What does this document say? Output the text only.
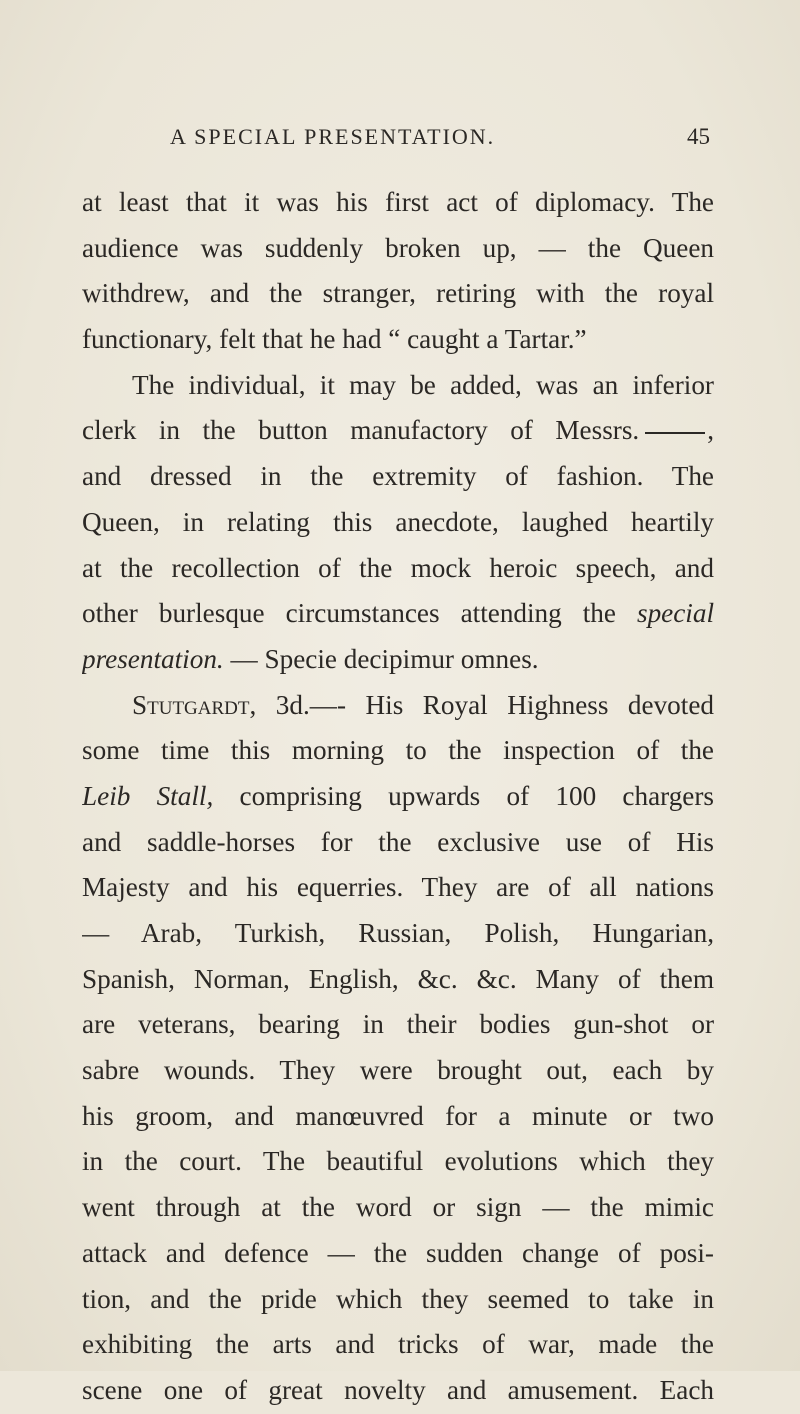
A SPECIAL PRESENTATION.	45
at least that it was his first act of diplomacy. The
audience was suddenly broken up, — the Queen
withdrew, and the stranger, retiring with the royal
functionary, felt that he had “ caught a Tartar.”
The individual, it may be added, was an inferior
clerk in the button manufactory of Messrs.	,
and dressed in the extremity of fashion. The
Queen, in relating this anecdote, laughed heartily
at the recollection of the mock heroic speech, and
other burlesque circumstances attending the special
presentation. — Specie decipimur omnes.
Stutgardt, 3d.—- His Royal Highness devoted
some time this morning to the inspection of the
Leib Stall, comprising upwards of 100 chargers
and saddle-horses for the exclusive use of His
Majesty and his equerries. They are of all nations
— Arab, Turkish, Russian, Polish, Hungarian,
Spanish, Norman, English, &c. &c. Many of them
are veterans, bearing in their bodies gun-shot or
sabre wounds. They were brought out, each by
his groom, and manœuvred for a minute or two
in the court. The beautiful evolutions which they
went through at the word or sign — the mimic
attack and defence — the sudden change of posi-
tion, and the pride which they seemed to take in
exhibiting the arts and tricks of war, made the
scene one of great novelty and amusement. Each
